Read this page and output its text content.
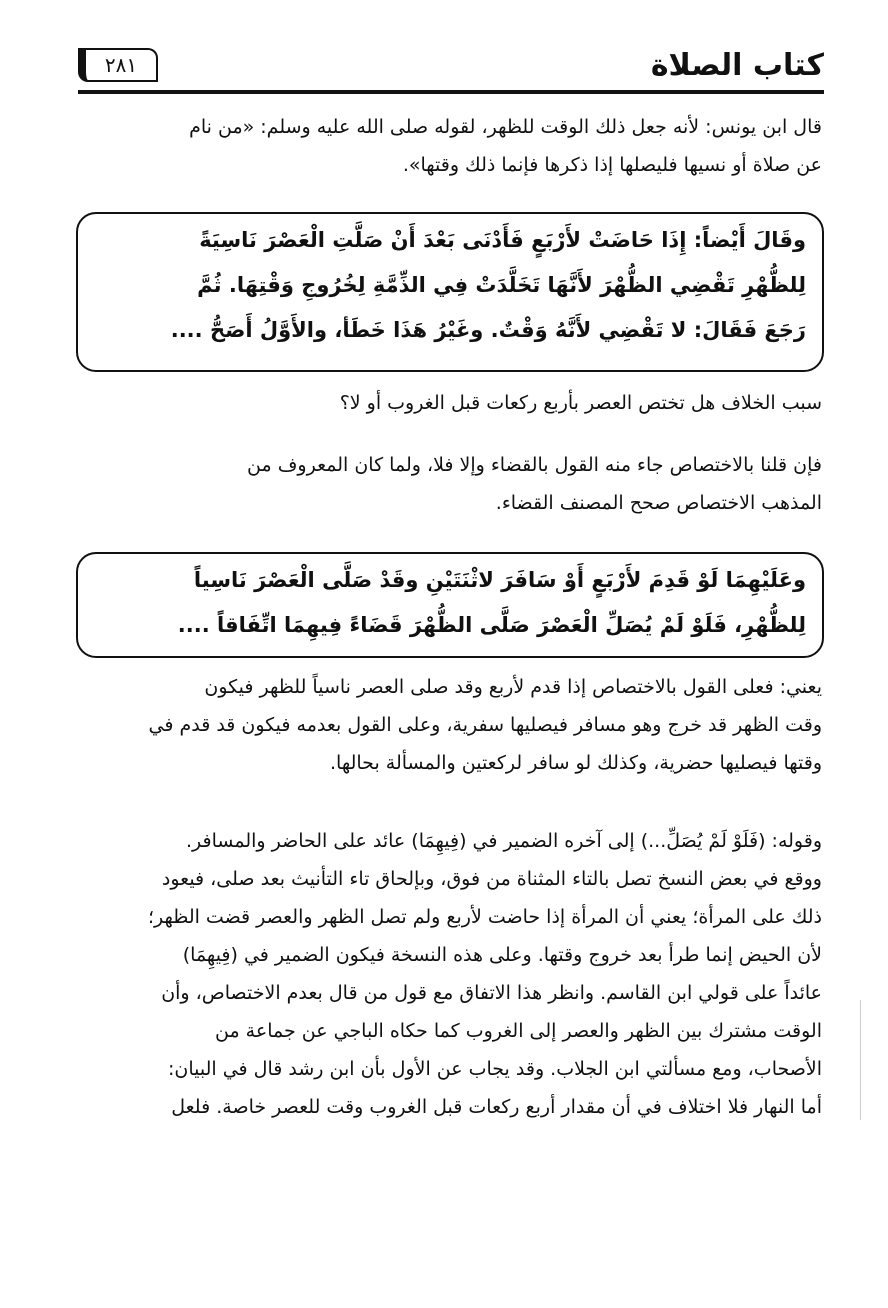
٢٨١	كتاب الصلاة

قال ابن يونس: لأنه جعل ذلك الوقت للظهر، لقوله صلى الله عليه وسلم: «من نام
عن صلاة أو نسيها فليصلها إذا ذكرها فإنما ذلك وقتها».

وقَالَ أَيْضاً: إِذَا حَاضَتْ لأَرْبَعٍ فَأَدْنَى بَعْدَ أَنْ صَلَّتِ الْعَصْرَ نَاسِيَةً
لِلظُّهْرِ تَقْضِي الظُّهْرَ لأَنَّهَا تَخَلَّدَتْ فِي الذِّمَّةِ لِخُرُوجِ وَقْتِهَا. ثُمَّ
رَجَعَ فَقَالَ: لا تَقْضِي لأَنَّهُ وَقْتٌ. وغَيْرُ هَذَا خَطَأ، والأَوَّلُ أَصَحُّ ....

سبب الخلاف هل تختص العصر بأربع ركعات قبل الغروب أو لا؟

فإن قلنا بالاختصاص جاء منه القول بالقضاء وإلا فلا، ولما كان المعروف من
المذهب الاختصاص صحح المصنف القضاء.

وعَلَيْهِمَا لَوْ قَدِمَ لأَرْبَعٍ أَوْ سَافَرَ لاثْنَتَيْنِ وقَدْ صَلَّى الْعَصْرَ نَاسِياً
لِلظُّهْرِ، فَلَوْ لَمْ يُصَلِّ الْعَصْرَ صَلَّى الظُّهْرَ قَضَاءً فِيهِمَا اتِّفَاقاً ....

يعني: فعلى القول بالاختصاص إذا قدم لأربع وقد صلى العصر ناسياً للظهر فيكون
وقت الظهر قد خرج وهو مسافر فيصليها سفرية، وعلى القول بعدمه فيكون قد قدم في
وقتها فيصليها حضرية، وكذلك لو سافر لركعتين والمسألة بحالها.

وقوله: (فَلَوْ لَمْ يُصَلِّ...) إلى آخره الضمير في (فِيهِمَا) عائد على الحاضر والمسافر.
ووقع في بعض النسخ تصل بالتاء المثناة من فوق، وبإلحاق تاء التأنيث بعد صلى، فيعود
ذلك على المرأة؛ يعني أن المرأة إذا حاضت لأربع ولم تصل الظهر والعصر قضت الظهر؛
لأن الحيض إنما طرأ بعد خروج وقتها. وعلى هذه النسخة فيكون الضمير في (فِيهِمَا)
عائداً على قولي ابن القاسم. وانظر هذا الاتفاق مع قول من قال بعدم الاختصاص، وأن
الوقت مشترك بين الظهر والعصر إلى الغروب كما حكاه الباجي عن جماعة من
الأصحاب، ومع مسألتي ابن الجلاب. وقد يجاب عن الأول بأن ابن رشد قال في البيان:
أما النهار فلا اختلاف في أن مقدار أربع ركعات قبل الغروب وقت للعصر خاصة. فلعل
